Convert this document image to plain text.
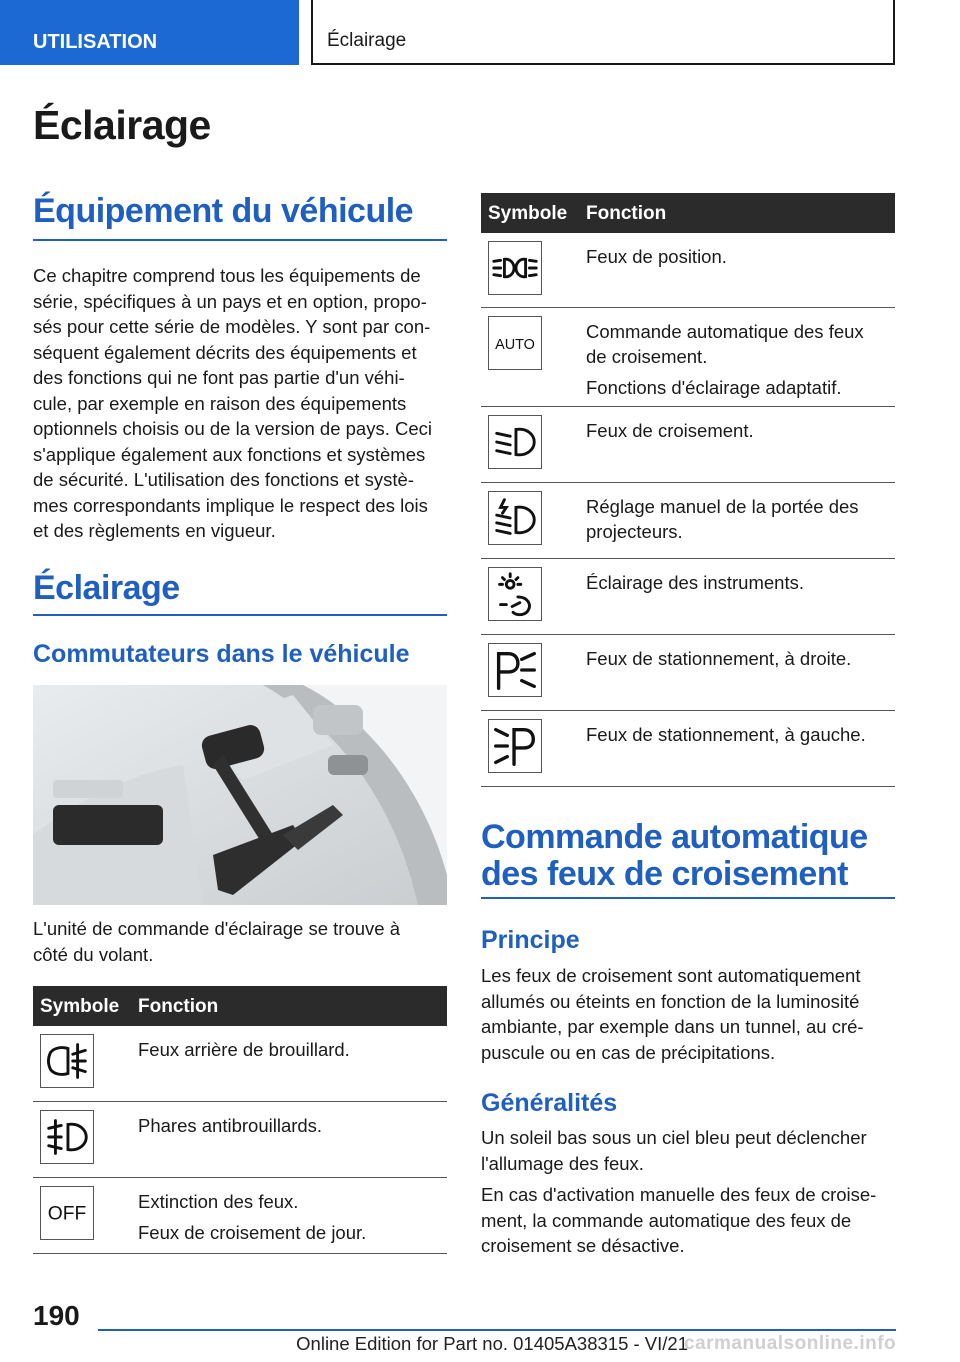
UTILISATION	Éclairage
Éclairage
Équipement du véhicule
Ce chapitre comprend tous les équipements de
série, spécifiques à un pays et en option, propo-
sés pour cette série de modèles. Y sont par con-
séquent également décrits des équipements et
des fonctions qui ne font pas partie d'un véhi-
cule, par exemple en raison des équipements
optionnels choisis ou de la version de pays. Ceci
s'applique également aux fonctions et systèmes
de sécurité. L'utilisation des fonctions et systè-
mes correspondants implique le respect des lois
et des règlements en vigueur.
Éclairage
Commutateurs dans le véhicule
L'unité de commande d'éclairage se trouve à
côté du volant.
Symbole Fonction

Feux arrière de brouillard.

Phares antibrouillards.

OFF

Extinction des feux.

Feux de croisement de jour.

Symbole Fonction

Feux de position.

AUTO

Commande automatique des feux de croisement.

Fonctions d'éclairage adaptatif.

Feux de croisement.

Réglage manuel de la portée des projecteurs.

Éclairage des instruments.

Feux de stationnement, à droite.

Feux de stationnement, à gauche.

Commande automatique
des feux de croisement
Principe
Les feux de croisement sont automatiquement
allumés ou éteints en fonction de la luminosité
ambiante, par exemple dans un tunnel, au cré-
puscule ou en cas de précipitations.
Généralités
Un soleil bas sous un ciel bleu peut déclencher
l'allumage des feux.
En cas d'activation manuelle des feux de croise-
ment, la commande automatique des feux de
croisement se désactive.
190
Online Edition for Part no. 01405A38315 - VI/21
carmanualsonline.info
